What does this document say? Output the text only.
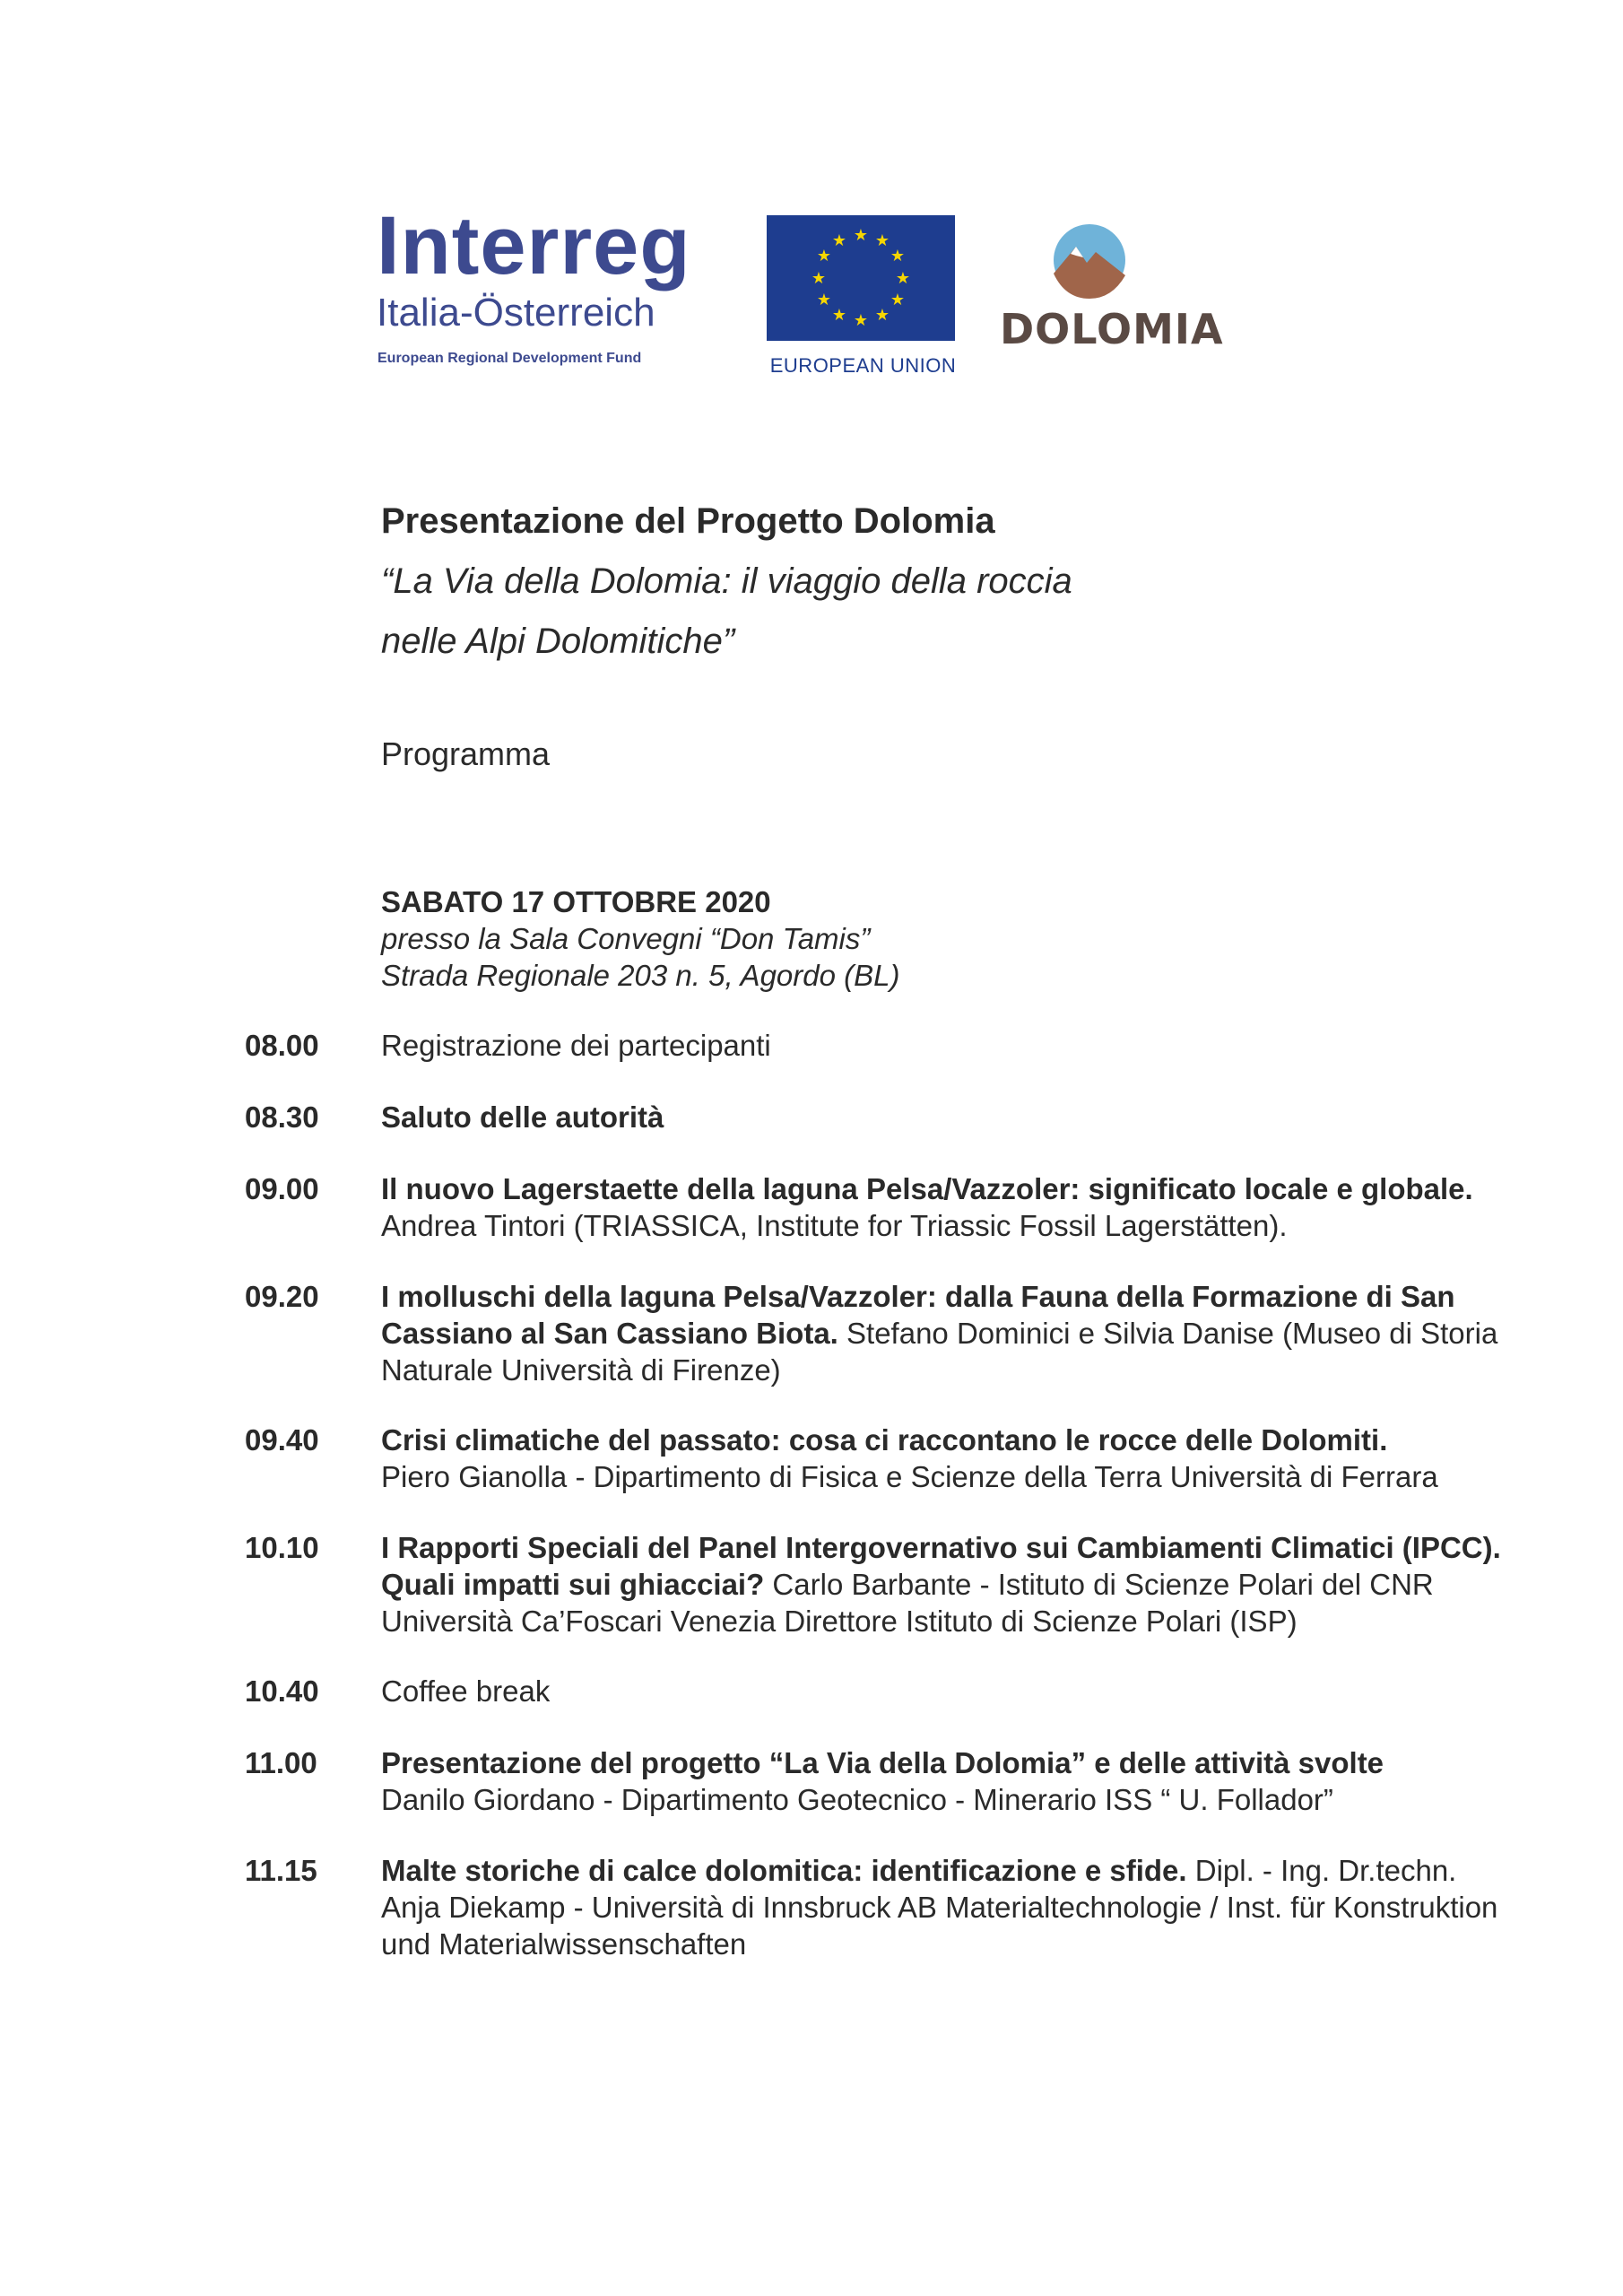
Interreg
Italia-Österreich
European Regional Development Fund
★ ★
★
★
★
★
★
★
★
★
★
★
EUROPEAN UNION
DOLOMIA
Presentazione del Progetto Dolomia
“La Via della Dolomia: il viaggio della roccia
nelle Alpi Dolomitiche”
Programma
SABATO 17 OTTOBRE 2020
presso la Sala Convegni “Don Tamis”
Strada Regionale 203 n. 5, Agordo (BL)
08.00 Registrazione dei partecipanti
08.30 Saluto delle autorità
09.00 Il nuovo Lagerstaette della laguna Pelsa/Vazzoler: significato locale e globale.
Andrea Tintori (TRIASSICA, Institute for Triassic Fossil Lagerstätten).
09.20 I molluschi della laguna Pelsa/Vazzoler: dalla Fauna della Formazione di San Cassiano al San Cassiano Biota. Stefano Dominici e Silvia Danise (Museo di Storia Naturale Università di Firenze)
09.40 Crisi climatiche del passato: cosa ci raccontano le rocce delle Dolomiti.
Piero Gianolla - Dipartimento di Fisica e Scienze della Terra Università di Ferrara
10.10 I Rapporti Speciali del Panel Intergovernativo sui Cambiamenti Climatici (IPCC). Quali impatti sui ghiacciai? Carlo Barbante - Istituto di Scienze Polari del CNR Università Ca’Foscari Venezia Direttore Istituto di Scienze Polari (ISP)
10.40 Coffee break
11.00 Presentazione del progetto “La Via della Dolomia” e delle attività svolte
Danilo Giordano - Dipartimento Geotecnico - Minerario ISS “ U. Follador”
11.15 Malte storiche di calce dolomitica: identificazione e sfide. Dipl. - Ing. Dr.techn. Anja Diekamp - Università di Innsbruck AB Materialtechnologie / Inst. für Konstruktion und Materialwissenschaften
